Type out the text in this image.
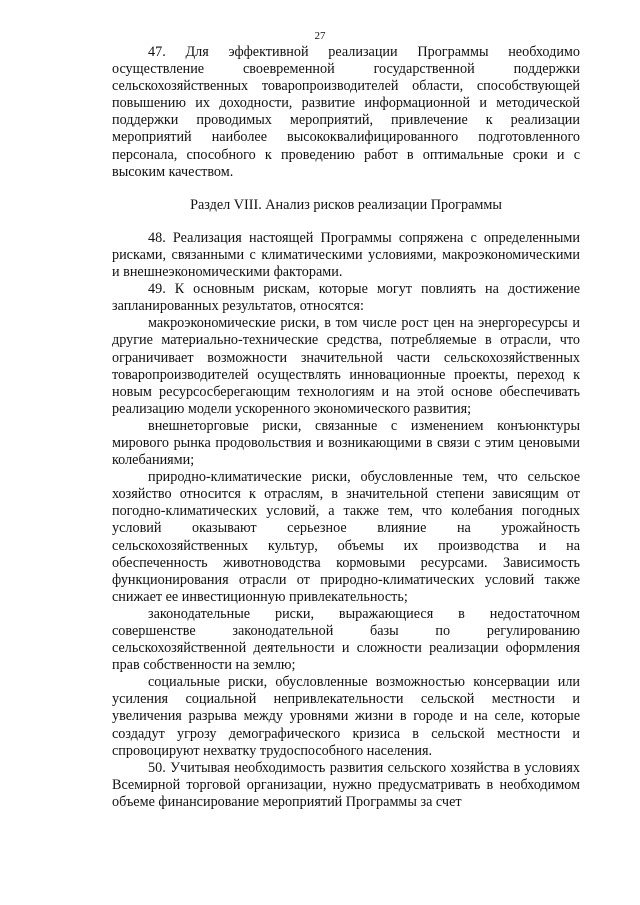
27

47. Для эффективной реализации Программы необходимо осуществление своевременной государственной поддержки сельскохозяйственных товаропроизводителей области, способствующей повышению их доходности, развитие информационной и методической поддержки проводимых мероприятий, привлечение к реализации мероприятий наиболее высококвалифицированного подготовленного персонала, способного к проведению работ в оптимальные сроки и с высоким качеством.

Раздел VIII. Анализ рисков реализации Программы

48. Реализация настоящей Программы сопряжена с определенными рисками, связанными с климатическими условиями, макроэкономическими и внешнеэкономическими факторами.

49. К основным рискам, которые могут повлиять на достижение запланированных результатов, относятся:

макроэкономические риски, в том числе рост цен на энергоресурсы и другие материально-технические средства, потребляемые в отрасли, что ограничивает возможности значительной части сельскохозяйственных товаропроизводителей осуществлять инновационные проекты, переход к новым ресурсосберегающим технологиям и на этой основе обеспечивать реализацию модели ускоренного экономического развития;

внешнеторговые риски, связанные с изменением конъюнктуры мирового рынка продовольствия и возникающими в связи с этим ценовыми колебаниями;

природно-климатические риски, обусловленные тем, что сельское хозяйство относится к отраслям, в значительной степени зависящим от погодно-климатических условий, а также тем, что колебания погодных условий оказывают серьезное влияние на урожайность сельскохозяйственных культур, объемы их производства и на обеспеченность животноводства кормовыми ресурсами. Зависимость функционирования отрасли от природно-климатических условий также снижает ее инвестиционную привлекательность;

законодательные риски, выражающиеся в недостаточном совершенстве законодательной базы по регулированию сельскохозяйственной деятельности и сложности реализации оформления прав собственности на землю;

социальные риски, обусловленные возможностью консервации или усиления социальной непривлекательности сельской местности и увеличения разрыва между уровнями жизни в городе и на селе, которые создадут угрозу демографического кризиса в сельской местности и спровоцируют нехватку трудоспособного населения.

50. Учитывая необходимость развития сельского хозяйства в условиях Всемирной торговой организации, нужно предусматривать в необходимом объеме финансирование мероприятий Программы за счет
